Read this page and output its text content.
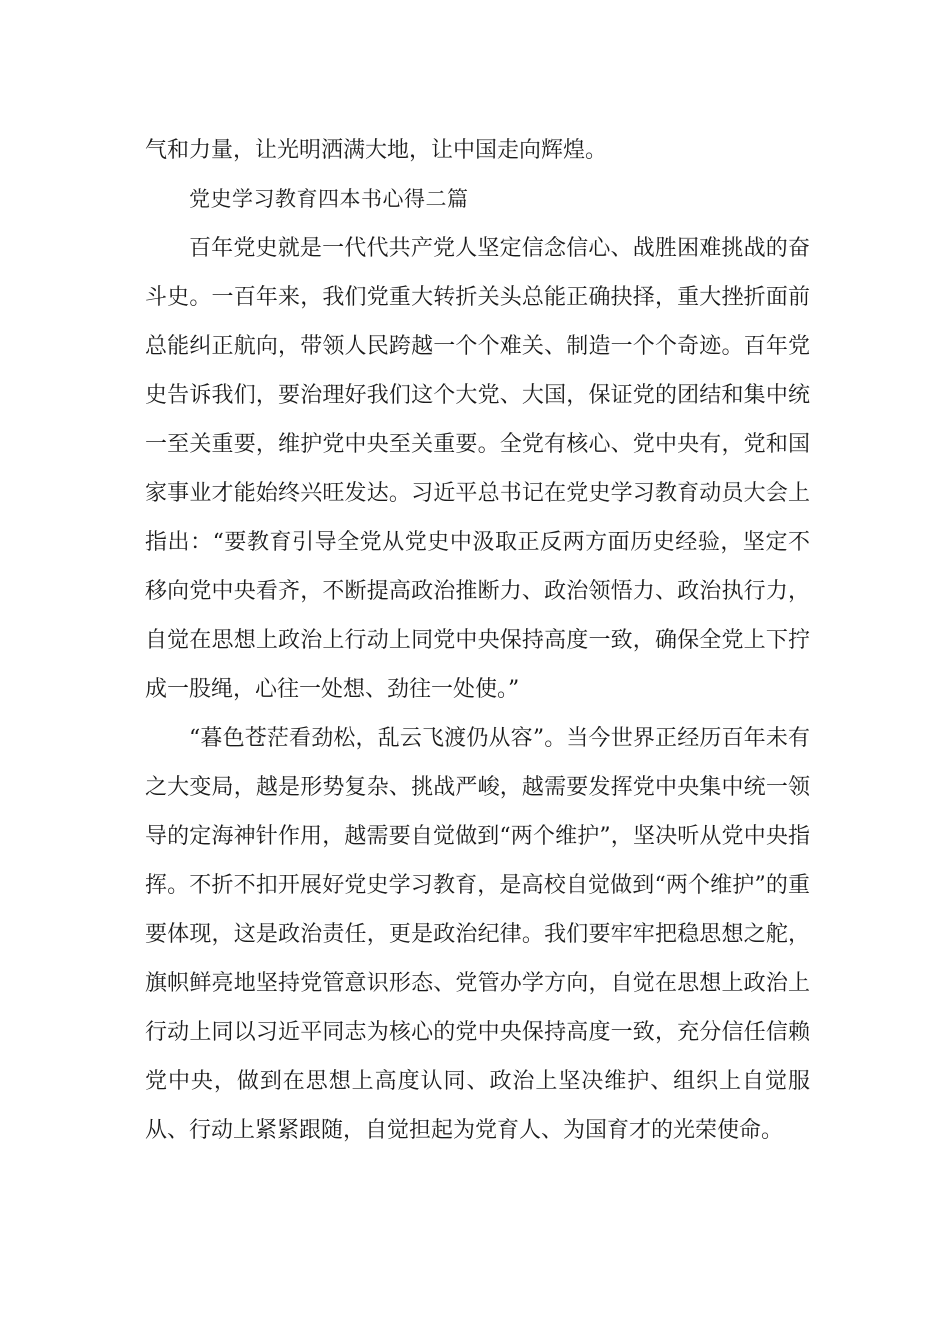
气和力量，让光明洒满大地，让中国走向辉煌。

党史学习教育四本书心得二篇

百年党史就是一代代共产党人坚定信念信心、战胜困难挑战的奋斗史。一百年来，我们党重大转折关头总能正确抉择，重大挫折面前总能纠正航向，带领人民跨越一个个难关、制造一个个奇迹。百年党史告诉我们，要治理好我们这个大党、大国，保证党的团结和集中统一至关重要，维护党中央至关重要。全党有核心、党中央有，党和国家事业才能始终兴旺发达。习近平总书记在党史学习教育动员大会上指出：“要教育引导全党从党史中汲取正反两方面历史经验，坚定不移向党中央看齐，不断提高政治推断力、政治领悟力、政治执行力，自觉在思想上政治上行动上同党中央保持高度一致，确保全党上下拧成一股绳，心往一处想、劲往一处使。”

“暮色苍茫看劲松，乱云飞渡仍从容”。当今世界正经历百年未有之大变局，越是形势复杂、挑战严峻，越需要发挥党中央集中统一领导的定海神针作用，越需要自觉做到“两个维护”，坚决听从党中央指挥。不折不扣开展好党史学习教育，是高校自觉做到“两个维护”的重要体现，这是政治责任，更是政治纪律。我们要牢牢把稳思想之舵，旗帜鲜亮地坚持党管意识形态、党管办学方向，自觉在思想上政治上行动上同以习近平同志为核心的党中央保持高度一致，充分信任信赖党中央，做到在思想上高度认同、政治上坚决维护、组织上自觉服从、行动上紧紧跟随，自觉担起为党育人、为国育才的光荣使命。
